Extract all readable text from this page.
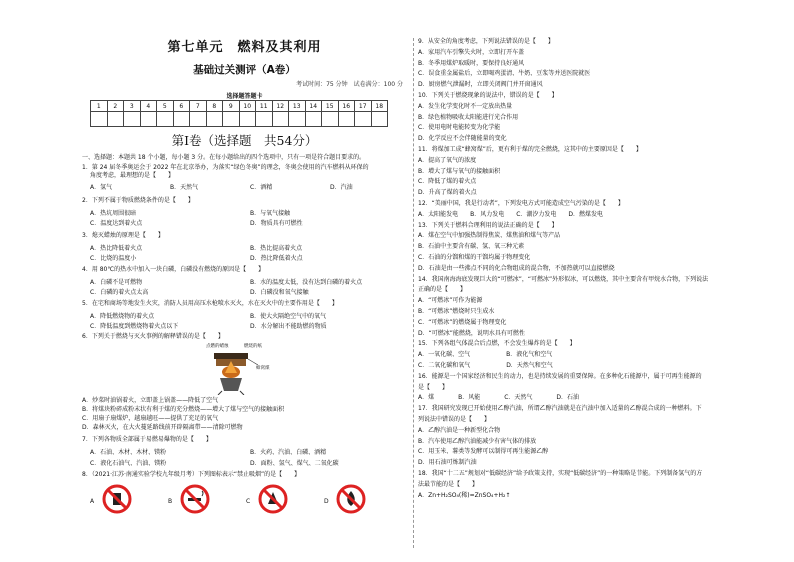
第七单元　燃料及其利用
基础过关测评（A卷）
考试时间：75 分钟　试卷满分：100 分
选择题答题卡
1	2	3	4	5	6	7	8	9	10	11	12	13	14	15	16	17	18

第Ⅰ卷（选择题　共54分）
一、选择题：本题共 18 个小题，每小题 3 分。在每小题给出的四个选项中，只有一项是符合题目要求的。
1．第 24 届冬季奥运会于 2022 年在北京举办，为落实“绿色冬奥”的理念，冬奥会使用的汽车燃料从环保的
角度考虑，最理想的是【　　】
A．氢气	B．天然气	C．酒精	D．汽油
2．下列不属于物质燃烧条件的是【　　】
A．热坑周围很暗	B．与氧气接触
C．温度达到着火点	D．物质具有可燃性
3．熄灭蜡烛的原理是【　　】
A．热比降低着火点	B．热比提高着火点
C．比烧的温度小	D．热比降低着火点
4．用 80℃的热水中加入一块白磷，白磷没有燃烧的原因是【　　】
A．白磷不是可燃物	B．水的温度太低，没有达到白磷的着火点
C．白磷的着火点太高	D．白磷没和氧气接触
5．在宅和商场等地发生火灾，消防人员用高压水枪喷水灭火，水在灭火中的主要作用是【　　】
A．降低燃烧物的着火点	B．使大火隔绝空气中的氧气
C．降低温度到燃烧物着火点以下	D．水分解出不能助燃的物质
6．下列关于燃烧与灭火事例的解释错误的是【　　】
点燃的蜡烛	燃烧的纸
蜂窝煤
A．炒菜时油锅着火，立即盖上锅盖——降低了空气
B．将煤块粉碎成粉末状有利于煤的充分燃烧——增大了煤与空气的接触面积
C．用扇子扇煤炉，越扇越旺——提供了充足的氧气
D．森林灭火，在大火蔓延路线前开辟隔离带——清除可燃物
7．下列各物质全部属于易燃易爆物的是【　　】
A．石油、木材、木材、镁粉	B．火药、汽油、白磷、酒精
C．液化石油气、汽油、镁粉	D．面粉、氢气、煤气、二氧化碳
8．（2021·江苏·南通实验学校九年级月考）下列图标表示“禁止吸烟”的是【　　】
A	B	C	D
9．从安全的角度考虑，下列说法错误的是【　　】
A．家用汽车引擎失火时，立即打开车盖
B．冬季用煤炉取暖时，要保持良好通风
C．误食重金属盐后，立即喝鸡蛋清、牛奶、豆浆等并送医院就医
D．厨房燃气泄漏时，立即关闭阀门并开窗通风
10．下列关于燃烧现象的说法中，错误的是【　　】
A．发生化学变化时不一定放出热量
B．绿色植物吸收太阳能进行光合作用
C．使用电时电能转变为化学能
D．化学反应不会伴随能量的变化
11．将煤加工成“蜂窝煤”后，更有利于煤的完全燃烧，这其中的主要原因是【　　】
A．提高了氧气的浓度
B．增大了煤与氧气的接触面积
C．降低了煤的着火点
D．升高了煤的着火点
12．“美丽中国，我是行动者”，下列发电方式可能造成空气污染的是【　　】
A．太阳能发电　　B．风力发电　　C．潮汐力发电　　D．燃煤发电
13．下列关于燃料合理利用的说法正确的是【　　】
A．煤在空气中加强热制得焦炭、煤焦油和煤气等产品
B．石油中主要含有碳、氢、氧三种元素
C．石油的分馏和煤的干馏均属于物理变化
D．石油是由一些沸点不同的化合物组成的混合物，不加热就可以直接燃烧
14．我国南海海底发现巨大的“可燃冰”，“可燃冰”外形似冰，可以燃烧，其中主要含有甲烷水合物，下列说法
正确的是【　　】
A．“可燃冰”可作为能源
B．“可燃冰”燃烧时只生成水
C．“可燃冰”的燃烧属于物理变化
D．“可燃冰”能燃烧，说明水具有可燃性
15．下列各组气体混合后点燃，不会发生爆炸的是【　　】
A．一氧化碳、空气　　　　　　B．液化气和空气
C．二氧化碳和氧气　　　　　　D．天然气和空气
16．能源是一个国家经济和民生的动力，也是持续发展的重要保障。在多种化石能源中，属于可再生能源的
是【　　】
A．煤　　　　B．风能　　　　C．天然气　　　　D．石油
17．我国研究发现已开始使用乙醇汽油，所谓乙醇汽油就是在汽油中加入适量的乙醇混合成的一种燃料。下
列说法中错误的是【　　】
A．乙醇汽油是一种新型化合物
B．汽车使用乙醇汽油能减少有害气体的排放
C．用玉米、薯类等发酵可以制得可再生能源乙醇
D．用石油可炼制汽油
18．我国“十二五”规划对“低碳经济”给予政策支持，实现“低碳经济”的一种策略是节能。下列制备氢气的方
法最节能的是【　　】
A．Zn+H₂SO₄(稀)=ZnSO₄+H₂↑
